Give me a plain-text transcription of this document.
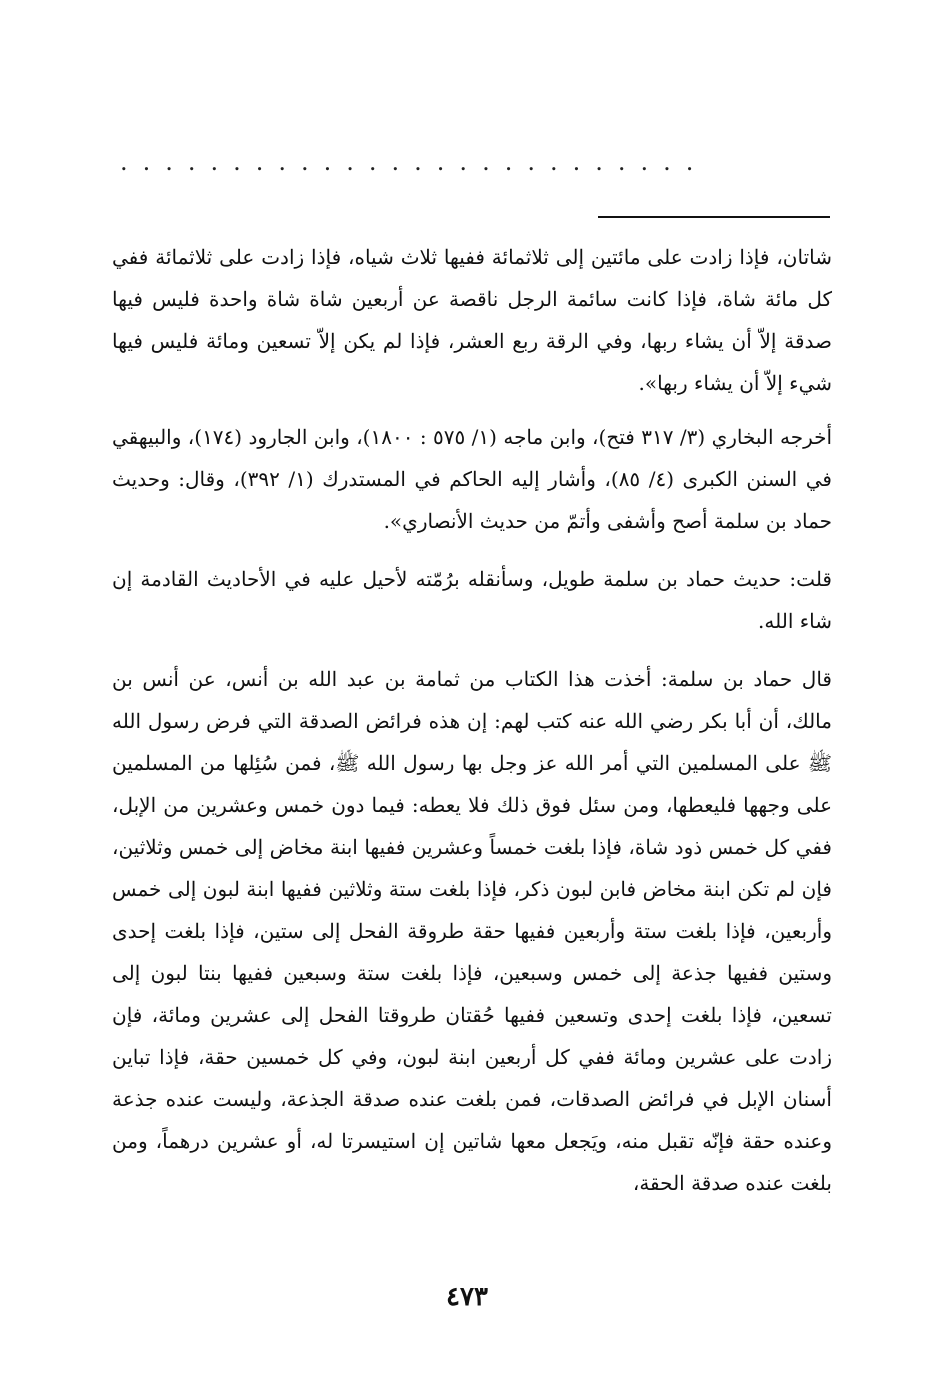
..........................

شاتان، فإذا زادت على مائتين إلى ثلاثمائة ففيها ثلاث شياه، فإذا زادت على ثلاثمائة ففي كل مائة شاة، فإذا كانت سائمة الرجل ناقصة عن أربعين شاة شاة واحدة فليس فيها صدقة إلاّ أن يشاء ربها، وفي الرقة ربع العشر، فإذا لم يكن إلاّ تسعين ومائة فليس فيها شيء إلاّ أن يشاء ربها».

أخرجه البخاري (٣/ ٣١٧ فتح)، وابن ماجه (١/ ٥٧٥ : ١٨٠٠)، وابن الجارود (١٧٤)، والبيهقي في السنن الكبرى (٤/ ٨٥)، وأشار إليه الحاكم في المستدرك (١/ ٣٩٢)، وقال: وحديث حماد بن سلمة أصح وأشفى وأتمّ من حديث الأنصاري».

قلت: حديث حماد بن سلمة طويل، وسأنقله برُمّته لأحيل عليه في الأحاديث القادمة إن شاء الله.

قال حماد بن سلمة: أخذت هذا الكتاب من ثمامة بن عبد الله بن أنس، عن أنس بن مالك، أن أبا بكر رضي الله عنه كتب لهم: إن هذه فرائض الصدقة التي فرض رسول الله ﷺ على المسلمين التي أمر الله عز وجل بها رسول الله ﷺ، فمن سُئِلها من المسلمين على وجهها فليعطها، ومن سئل فوق ذلك فلا يعطه: فيما دون خمس وعشرين من الإبل، ففي كل خمس ذود شاة، فإذا بلغت خمساً وعشرين ففيها ابنة مخاض إلى خمس وثلاثين، فإن لم تكن ابنة مخاض فابن لبون ذكر، فإذا بلغت ستة وثلاثين ففيها ابنة لبون إلى خمس وأربعين، فإذا بلغت ستة وأربعين ففيها حقة طروقة الفحل إلى ستين، فإذا بلغت إحدى وستين ففيها جذعة إلى خمس وسبعين، فإذا بلغت ستة وسبعين ففيها بنتا لبون إلى تسعين، فإذا بلغت إحدى وتسعين ففيها حُقتان طروقتا الفحل إلى عشرين ومائة، فإن زادت على عشرين ومائة ففي كل أربعين ابنة لبون، وفي كل خمسين حقة، فإذا تباين أسنان الإبل في فرائض الصدقات، فمن بلغت عنده صدقة الجذعة، وليست عنده جذعة وعنده حقة فإنّه تقبل منه، ويَجعل معها شاتين إن استيسرتا له، أو عشرين درهماً، ومن بلغت عنده صدقة الحقة،

٤٧٣
